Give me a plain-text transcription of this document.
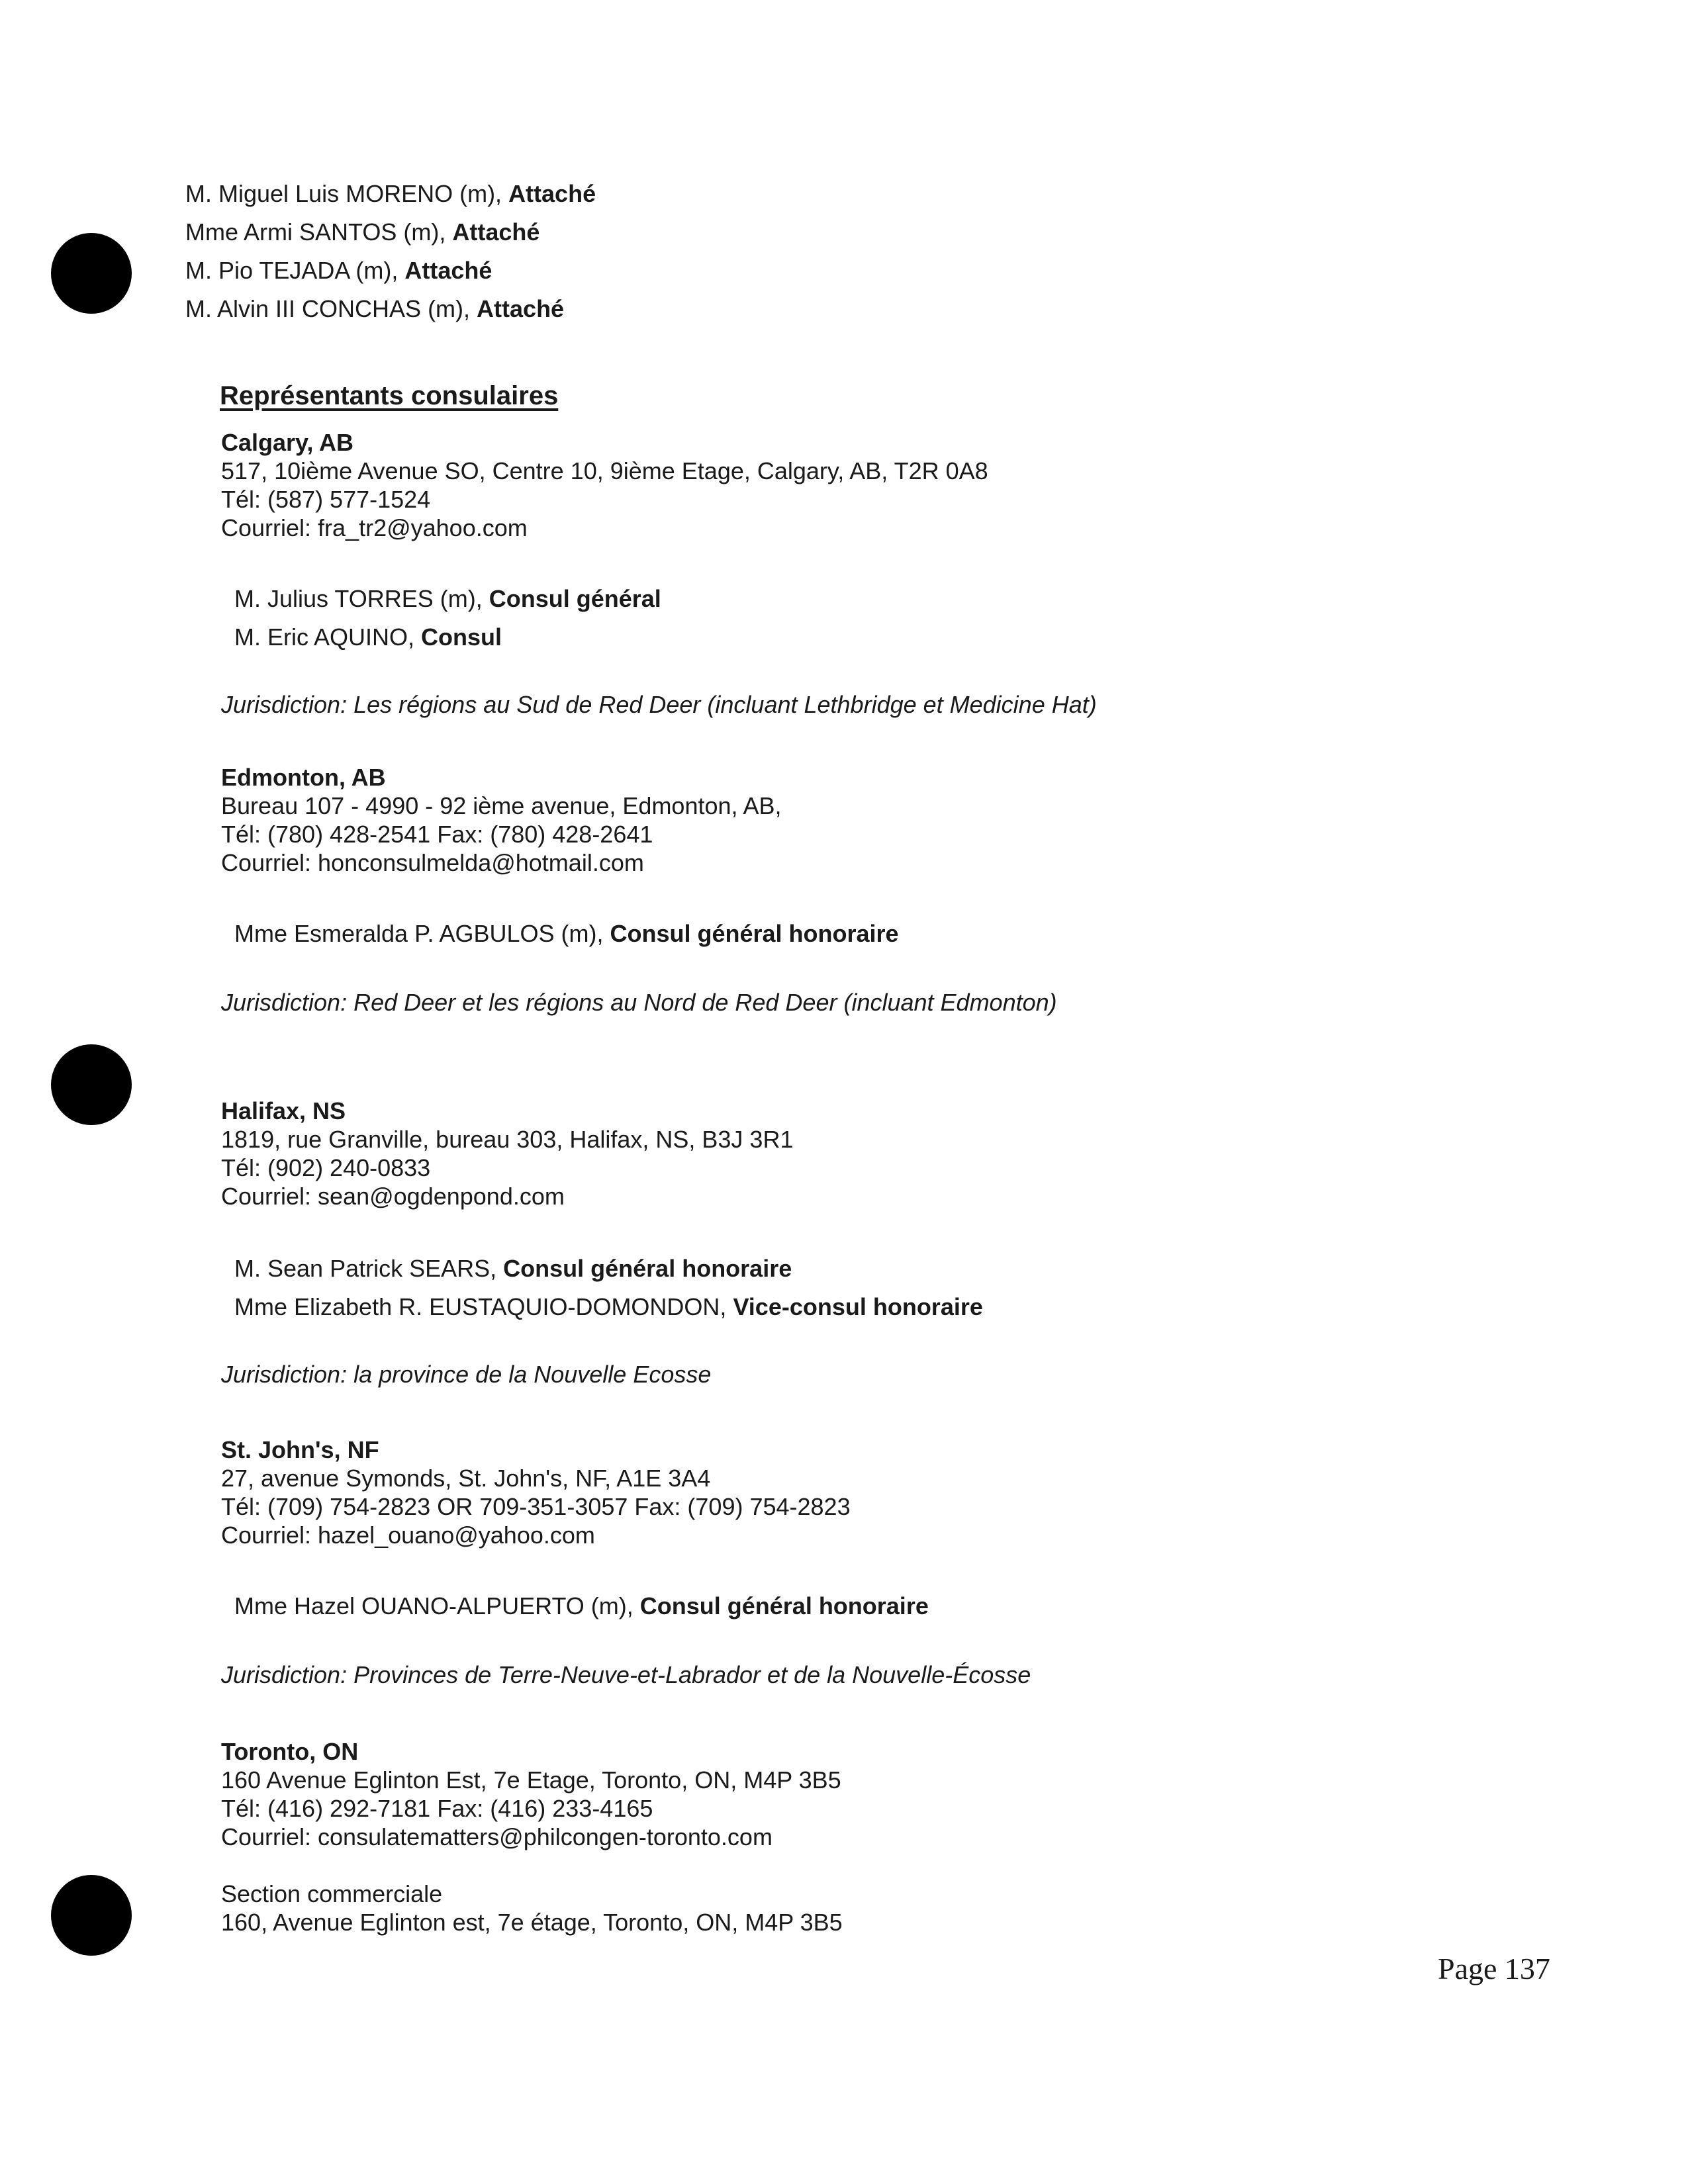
M. Miguel Luis MORENO (m), Attaché
Mme Armi SANTOS (m), Attaché
M. Pio TEJADA (m), Attaché
M. Alvin III CONCHAS (m), Attaché
Représentants consulaires
Calgary, AB
517, 10ième Avenue SO, Centre 10, 9ième Etage, Calgary, AB, T2R 0A8
Tél: (587) 577-1524
Courriel: fra_tr2@yahoo.com
M. Julius TORRES (m), Consul général
M. Eric AQUINO, Consul
Jurisdiction: Les régions au Sud de Red Deer (incluant Lethbridge et Medicine Hat)
Edmonton, AB
Bureau 107 - 4990 - 92 ième avenue, Edmonton, AB,
Tél: (780) 428-2541 Fax: (780) 428-2641
Courriel: honconsulmelda@hotmail.com
Mme Esmeralda P. AGBULOS (m), Consul général honoraire
Jurisdiction: Red Deer et les régions au Nord de Red Deer (incluant Edmonton)
Halifax, NS
1819, rue Granville, bureau 303, Halifax, NS, B3J 3R1
Tél: (902) 240-0833
Courriel: sean@ogdenpond.com
M. Sean Patrick SEARS, Consul général honoraire
Mme Elizabeth R. EUSTAQUIO-DOMONDON, Vice-consul honoraire
Jurisdiction: la province de la Nouvelle Ecosse
St. John's, NF
27, avenue Symonds, St. John's, NF, A1E 3A4
Tél: (709) 754-2823 OR 709-351-3057 Fax: (709) 754-2823
Courriel: hazel_ouano@yahoo.com
Mme Hazel OUANO-ALPUERTO (m), Consul général honoraire
Jurisdiction: Provinces de Terre-Neuve-et-Labrador et de la Nouvelle-Écosse
Toronto, ON
160 Avenue Eglinton Est, 7e Etage, Toronto, ON, M4P 3B5
Tél: (416) 292-7181 Fax: (416) 233-4165
Courriel: consulatematters@philcongen-toronto.com
Section commerciale
160, Avenue Eglinton est, 7e étage, Toronto, ON, M4P 3B5
Page 137
